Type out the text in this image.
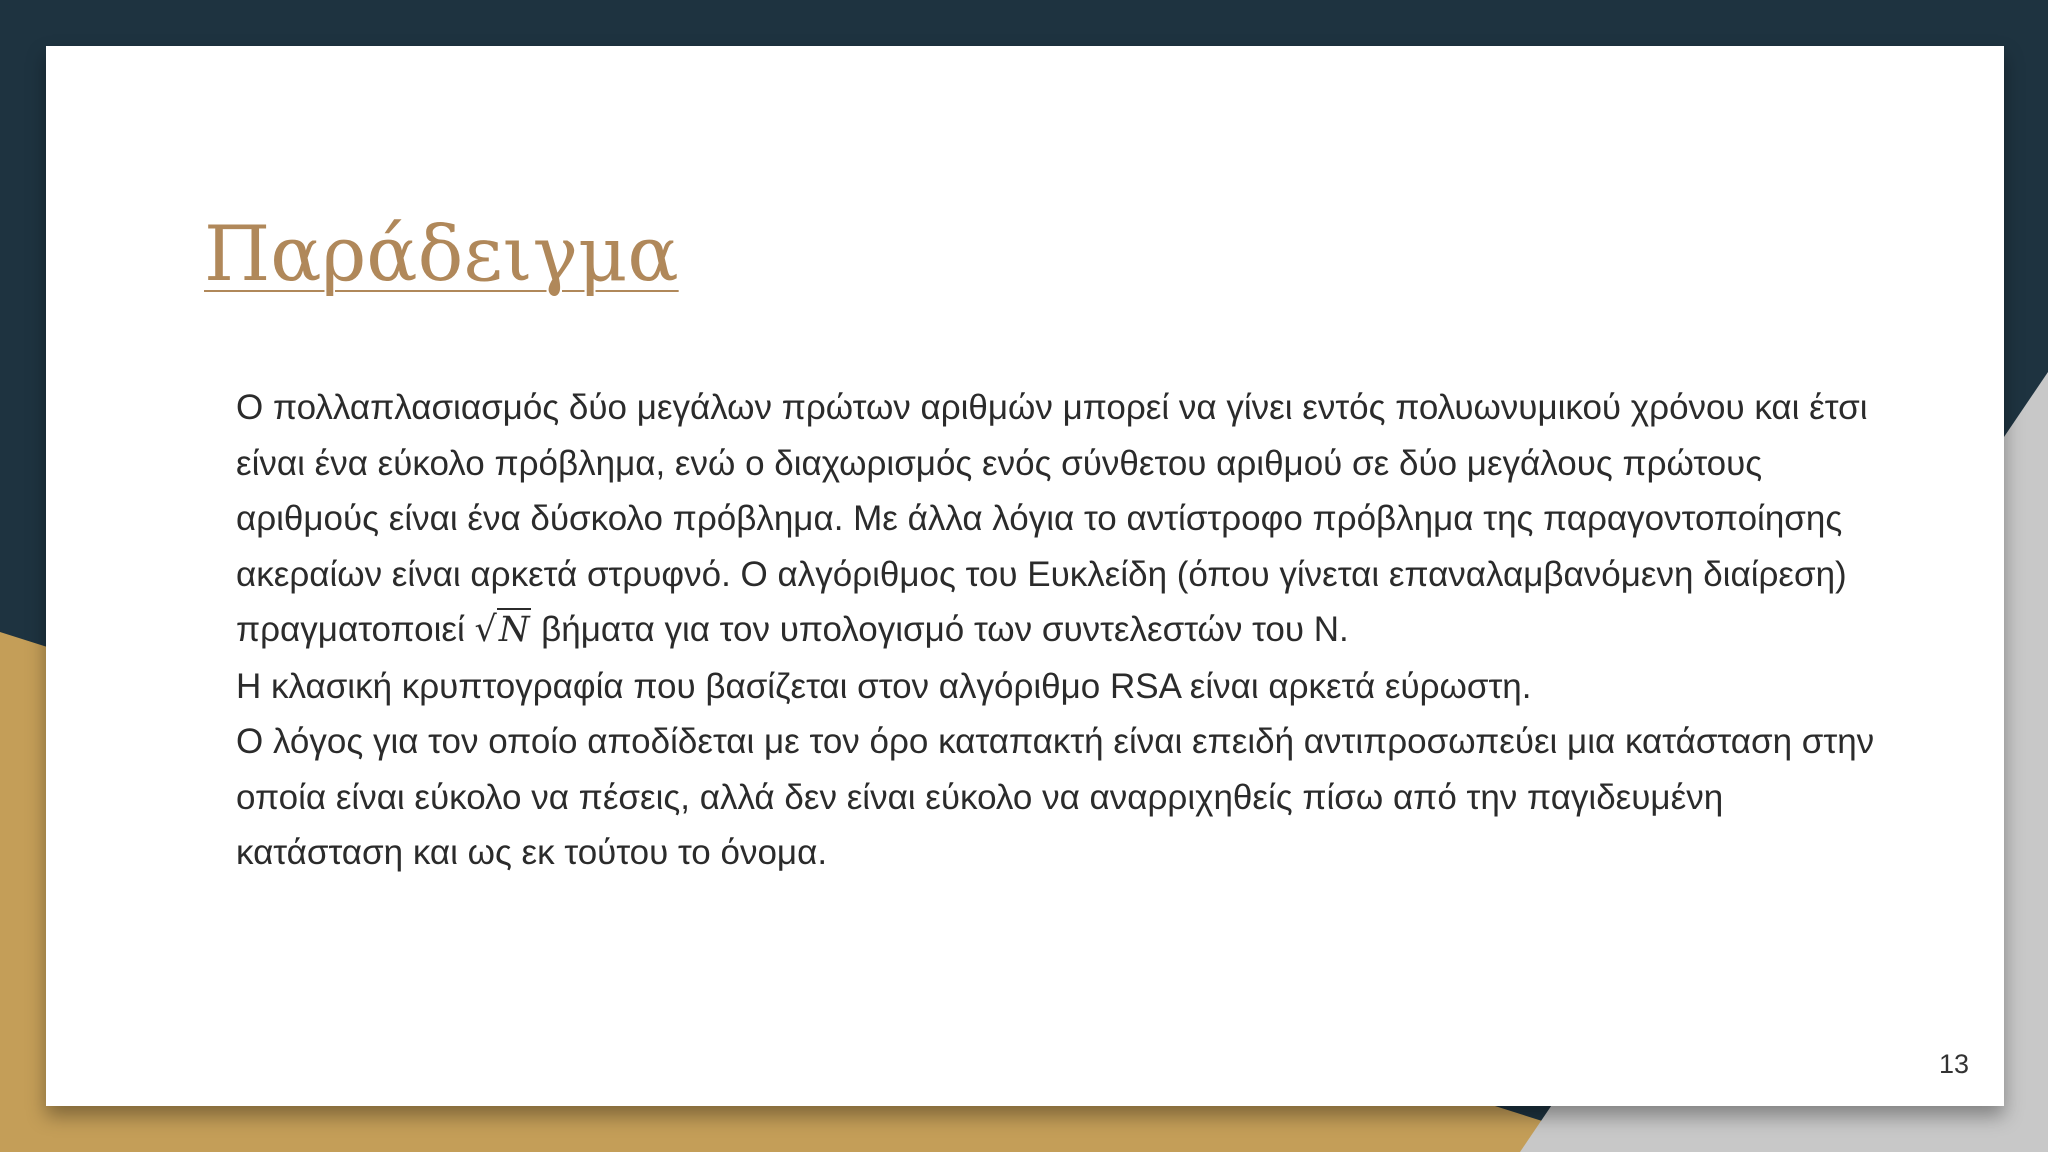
Παράδειγμα

Ο πολλαπλασιασμός δύο μεγάλων πρώτων αριθμών μπορεί να γίνει εντός πολυωνυμικού χρόνου και έτσι είναι ένα εύκολο πρόβλημα, ενώ ο διαχωρισμός ενός σύνθετου αριθμού σε δύο μεγάλους πρώτους αριθμούς είναι ένα δύσκολο πρόβλημα. Με άλλα λόγια το αντίστροφο πρόβλημα της παραγοντοποίησης ακεραίων είναι αρκετά στρυφνό. Ο αλγόριθμος του Ευκλείδη (όπου γίνεται επαναλαμβανόμενη διαίρεση) πραγματοποιεί √N βήματα για τον υπολογισμό των συντελεστών του N.

Η κλασική κρυπτογραφία που βασίζεται στον αλγόριθμο RSA είναι αρκετά εύρωστη.

Ο λόγος για τον οποίο αποδίδεται με τον όρο καταπακτή είναι επειδή αντιπροσωπεύει μια κατάσταση στην οποία είναι εύκολο να πέσεις, αλλά δεν είναι εύκολο να αναρριχηθείς πίσω από την παγιδευμένη κατάσταση και ως εκ τούτου το όνομα.

13
